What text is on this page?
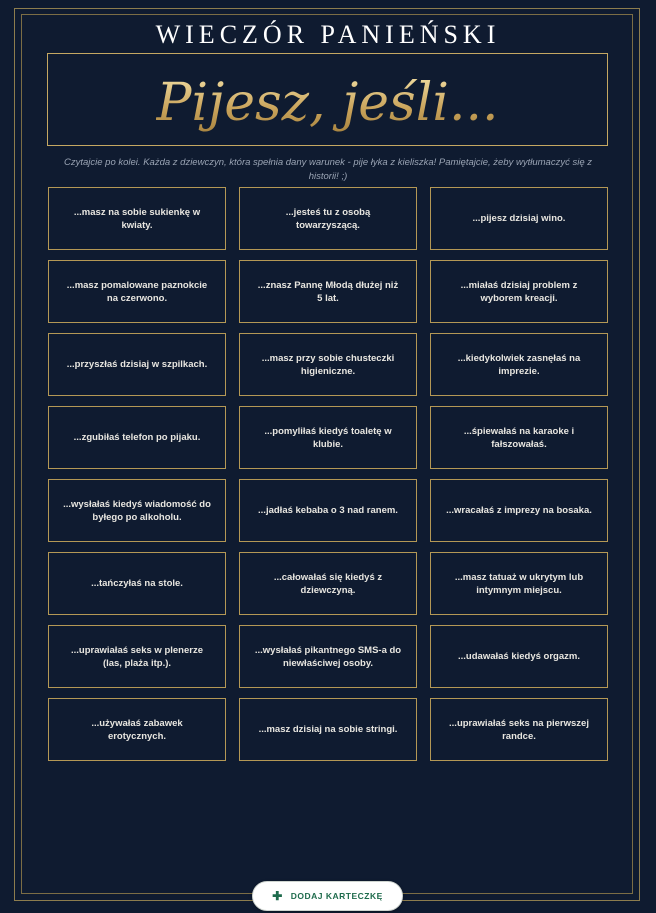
WIECZÓR PANIEŃSKI
Pijesz, jeśli...
Czytajcie po kolei. Każda z dziewczyn, która spełnia dany warunek - pije łyka z kieliszka! Pamiętajcie, żeby wytłumaczyć się z historii! ;)
...masz na sobie sukienkę w kwiaty.
...jesteś tu z osobą towarzyszącą.
...pijesz dzisiaj wino.
...masz pomalowane paznokcie na czerwono.
...znasz Pannę Młodą dłużej niż 5 lat.
...miałaś dzisiaj problem z wyborem kreacji.
...przyszłaś dzisiaj w szpilkach.
...masz przy sobie chusteczki higieniczne.
...kiedykolwiek zasnęłaś na imprezie.
...zgubiłaś telefon po pijaku.
...pomyliłaś kiedyś toaletę w klubie.
...śpiewałaś na karaoke i fałszowałaś.
...wysłałaś kiedyś wiadomość do byłego po alkoholu.
...jadłaś kebaba o 3 nad ranem.	...wracałaś z imprezy na bosaka.
...tańczyłaś na stole.
...całowałaś się kiedyś z dziewczyną.
...masz tatuaż w ukrytym lub intymnym miejscu.
...uprawiałaś seks w plenerze (las, plaża itp.).
...wysłałaś pikantnego SMS-a do niewłaściwej osoby.
...udawałaś kiedyś orgazm.
...używałaś zabawek erotycznych.
...masz dzisiaj na sobie stringi.
...uprawiałaś seks na pierwszej randce.
✚ DODAJ KARTECZKĘ
